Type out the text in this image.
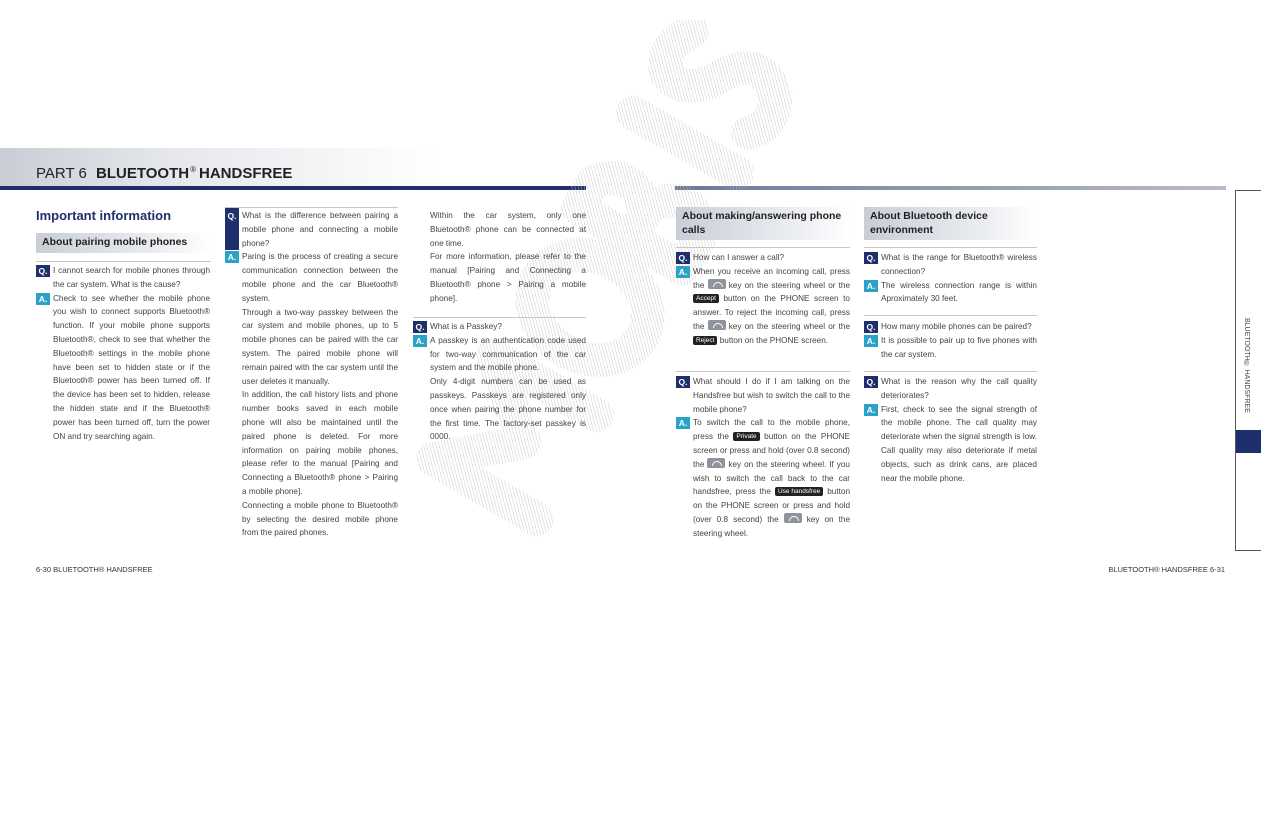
PART 6 BLUETOOTH® HANDSFREE
Important information
About pairing mobile phones
Q. I cannot search for mobile phones through the car system. What is the cause?

A. Check to see whether the mobile phone you wish to connect supports Bluetooth® function. If your mobile phone supports Bluetooth®, check to see that whether the Bluetooth® settings in the mobile phone have been set to hidden state or if the Bluetooth® power has been turned off. If the device has been set to hidden, release the hidden state and if the Bluetooth® power has been turned off, turn the power ON and try searching again.

Q. What is the difference between pairing a mobile phone and connecting a mobile phone?

A. Paring is the process of creating a secure communication connection between the mobile phone and the car Bluetooth® system.

Through a two-way passkey between the car system and mobile phones, up to 5 mobile phones can be paired with the car system. The paired mobile phone will remain paired with the car system until the user deletes it manually.

In addition, the call history lists and phone number books saved in each mobile phone will also be maintained until the paired phone is deleted. For more information on pairing mobile phones, please refer to the manual [Pairing and Connecting a Bluetooth® phone > Pairing a mobile phone].

Connecting a mobile phone to Bluetooth® by selecting the desired mobile phone from the paired phones.

Within the car system, only one Bluetooth® phone can be connected at one time.

For more information, please refer to the manual [Pairing and Connecting a Bluetooth® phone > Pairing a mobile phone].

Q. What is a Passkey?

A. A passkey is an authentication code used for two-way communication of the car system and the mobile phone.

Only 4-digit numbers can be used as passkeys. Passkeys are registered only once when pairing the phone number for the first time. The factory-set passkey is 0000.

About making/answering phone calls
Q. How can I answer a call?

A. When you receive an incoming call, press the	key on the steering wheel or the Accept button on the PHONE screen to answer. To reject the incoming call, press the	key on the steering wheel or the Reject button on the PHONE screen.

Q. What should I do if I am talking on the Handsfree but wish to switch the call to the mobile phone?

A. To switch the call to the mobile phone, press the Private button on the PHONE screen or press and hold (over 0.8 second) the	key on the steering wheel. If you wish to switch the call back to the car handsfree, press the Use handsfree button on the PHONE screen or press and hold (over 0.8 second) the	key on the steering wheel.

About Bluetooth device environment
Q. What is the range for Bluetooth® wireless connection?

A. The wireless connection range is within Aproximately 30 feet.

Q. How many mobile phones can be paired?

A. It is possible to pair up to five phones with the car system.

Q. What is the reason why the call quality deteriorates?

A. First, check to see the signal strength of the mobile phone. The call quality may deteriorate when the signal strength is low. Call quality may also deteriorate if metal objects, such as drink cans, are placed near the mobile phone.

BLUETOOTH® HANDSFREE
6-30 BLUETOOTH® HANDSFREE	BLUETOOTH® HANDSFREE 6-31
